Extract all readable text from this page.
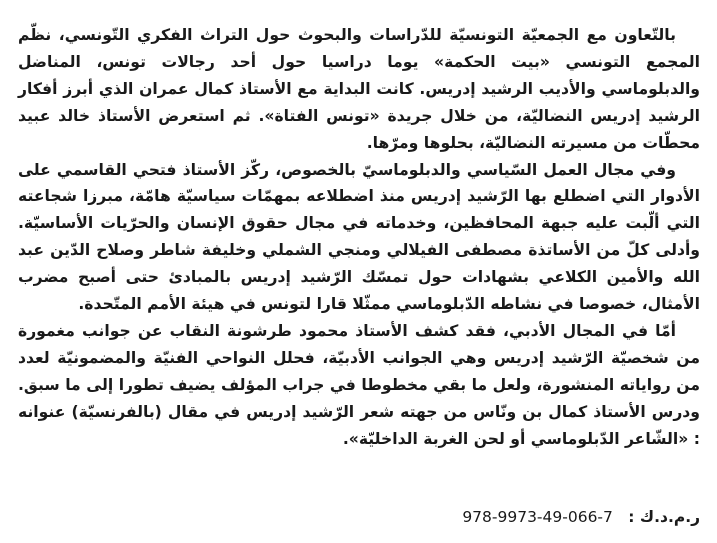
بالتّعاون مع الجمعيّة التونسيّة للدّراسات والبحوث حول التراث الفكري التّونسي، نظّم المجمع التونسي «بيت الحكمة» يوما دراسيا حول أحد رجالات تونس، المناضل والدبلوماسي والأديب الرشيد إدريس. كانت البداية مع الأستاذ كمال عمران الذي أبرز أفكار الرشيد إدريس النضاليّة، من خلال جريدة «تونس الفتاة». ثم استعرض الأستاذ خالد عبيد محطّات من مسيرته النضاليّة، بحلوها ومرّها.

وفي مجال العمل السّياسي والدبلوماسيّ بالخصوص، ركّز الأستاذ فتحي القاسمي على الأدوار التي اضطلع بها الرّشيد إدريس منذ اضطلاعه بمهمّات سياسيّة هامّة، مبرزا شجاعته التي ألّبت عليه جبهة المحافظين، وخدماته في مجال حقوق الإنسان والحرّيات الأساسيّة. وأدلى كلّ من الأساتذة مصطفى الفيلالي ومنجي الشملي وخليفة شاطر وصلاح الدّين عبد الله والأمين الكلاعي بشهادات حول تمسّك الرّشيد إدريس بالمبادئ حتى أصبح مضرب الأمثال، خصوصا في نشاطه الدّبلوماسي ممثّلا قارا لتونس في هيئة الأمم المتّحدة.

أمّا في المجال الأدبي، فقد كشف الأستاذ محمود طرشونة النقاب عن جوانب مغمورة من شخصيّة الرّشيد إدريس وهي الجوانب الأدبيّة، فحلل النواحي الفنيّة والمضمونيّة لعدد من رواياته المنشورة، ولعل ما بقي مخطوطا في جراب المؤلف يضيف تطورا إلى ما سبق. ودرس الأستاذ كمال بن ونّاس من جهته شعر الرّشيد إدريس في مقال (بالفرنسيّة) عنوانه : «الشّاعر الدّبلوماسي أو لحن الغربة الداخليّة».

ر.م.د.ك : 978-9973-49-066-7
